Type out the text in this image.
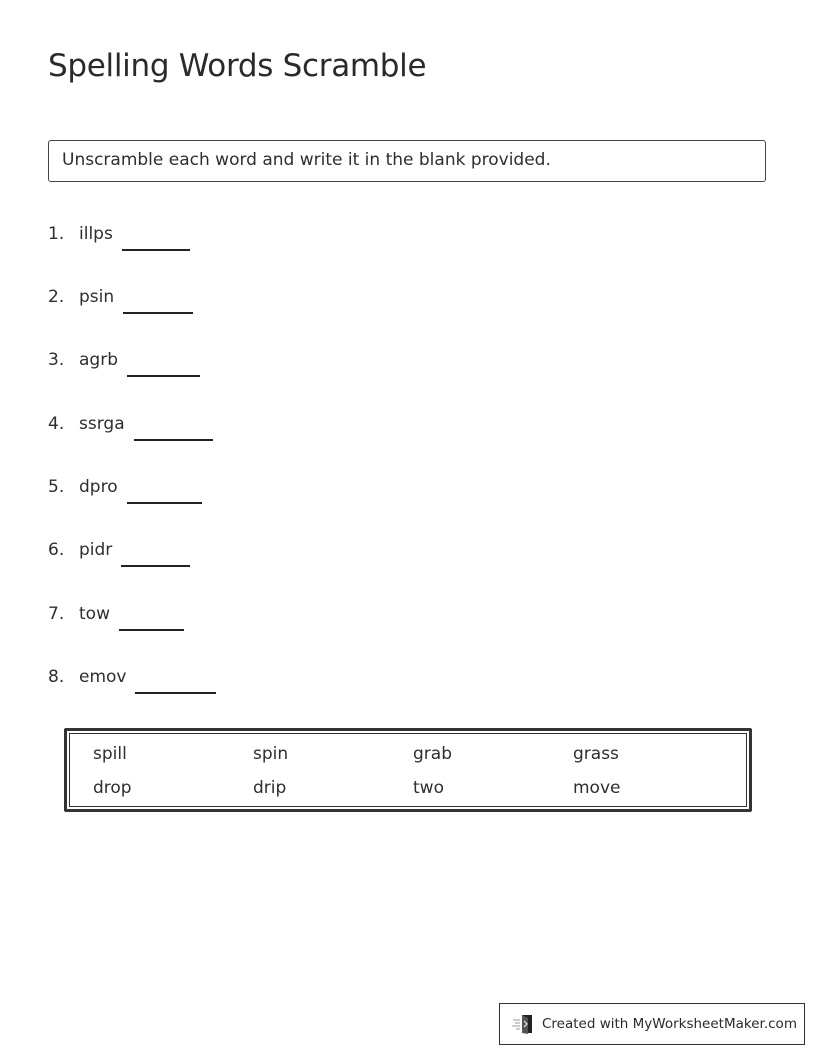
Spelling Words Scramble
Unscramble each word and write it in the blank provided.
1. illps
2. psin
3. agrb
4. ssrga
5. dpro
6. pidr
7. tow
8. emov
spill	spin	grab	grass
drop	drip	two	move
Created with MyWorksheetMaker.com
